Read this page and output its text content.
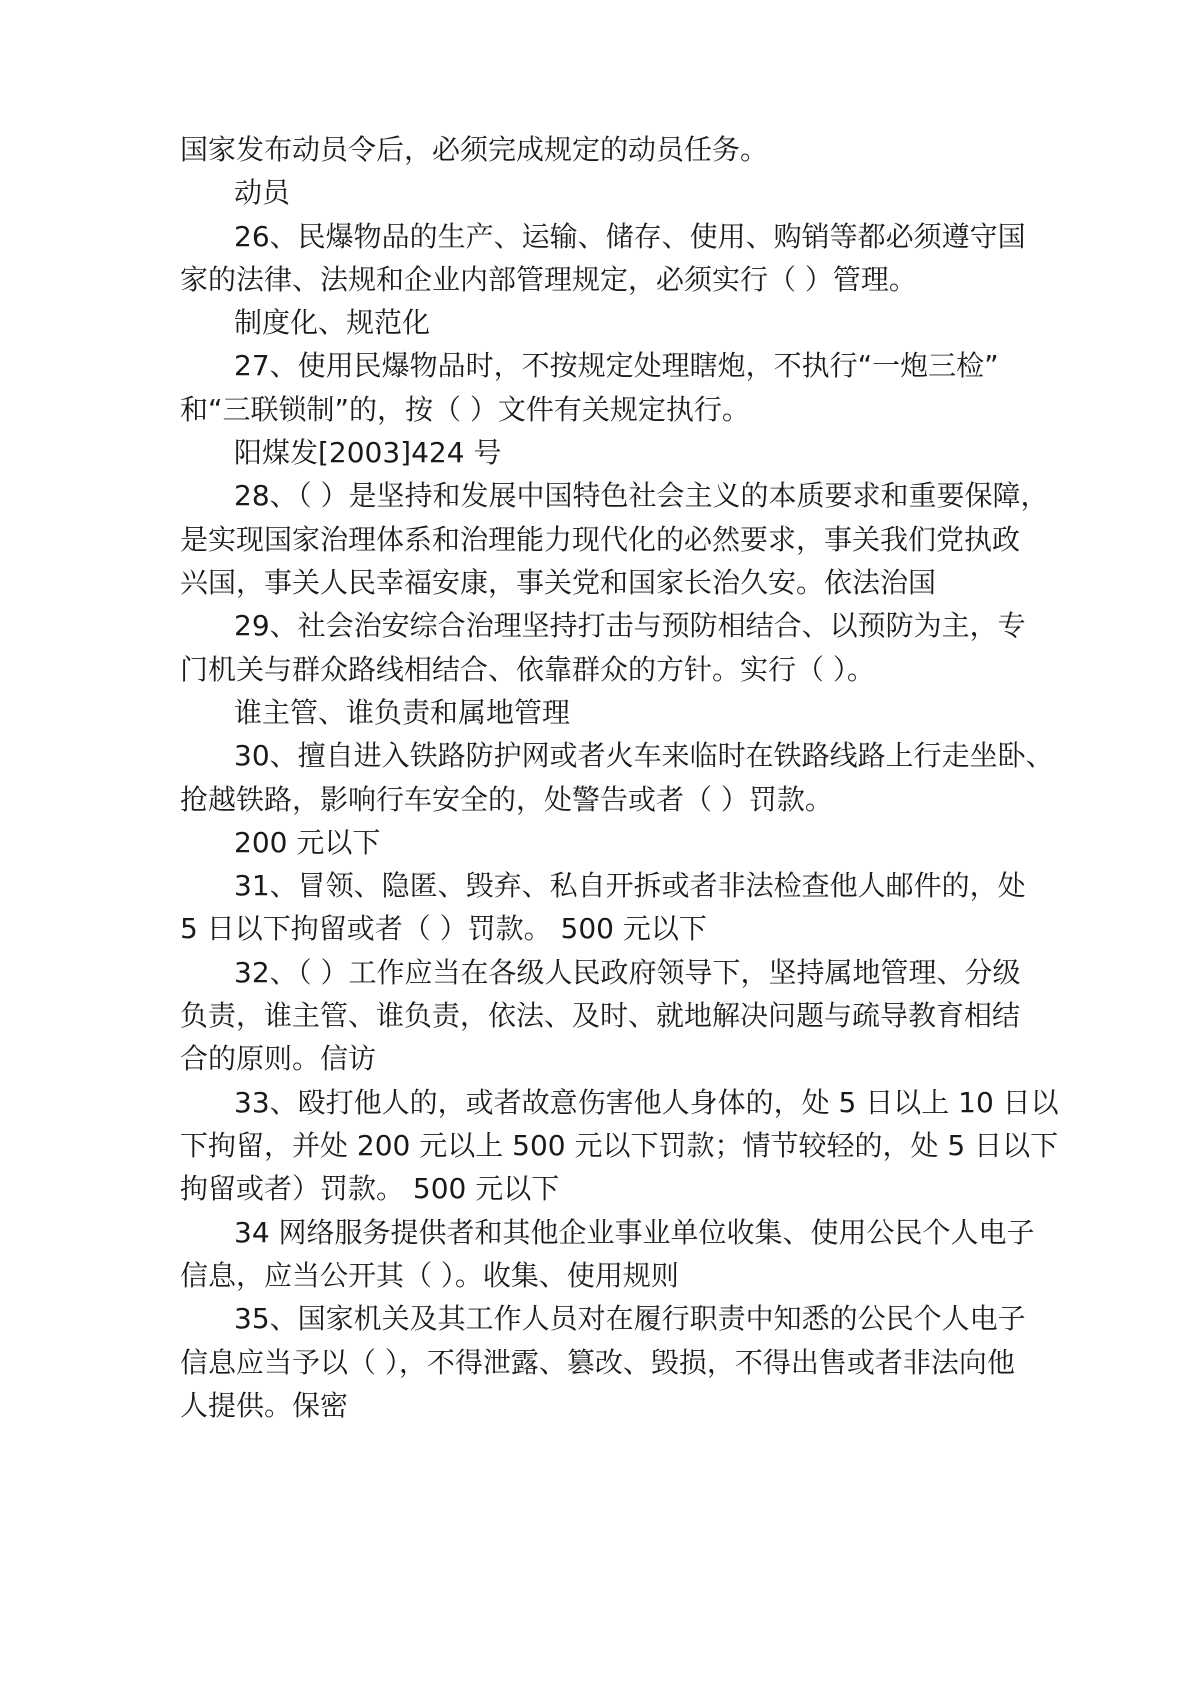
国家发布动员令后，必须完成规定的动员任务。
动员
26、民爆物品的生产、运输、储存、使用、购销等都必须遵守国
家的法律、法规和企业内部管理规定，必须实行（ ）管理。
制度化、规范化
27、使用民爆物品时，不按规定处理瞎炮，不执行“一炮三检”
和“三联锁制”的，按（ ）文件有关规定执行。
阳煤发[2003]424 号
28、（ ）是坚持和发展中国特色社会主义的本质要求和重要保障，
是实现国家治理体系和治理能力现代化的必然要求，事关我们党执政
兴国，事关人民幸福安康，事关党和国家长治久安。依法治国
29、社会治安综合治理坚持打击与预防相结合、以预防为主，专
门机关与群众路线相结合、依靠群众的方针。实行（ ）。
谁主管、谁负责和属地管理
30、擅自进入铁路防护网或者火车来临时在铁路线路上行走坐卧、
抢越铁路，影响行车安全的，处警告或者（ ）罚款。
200 元以下
31、冒领、隐匿、毁弃、私自开拆或者非法检查他人邮件的，处
5 日以下拘留或者（ ）罚款。 500 元以下
32、（ ）工作应当在各级人民政府领导下，坚持属地管理、分级
负责，谁主管、谁负责，依法、及时、就地解决问题与疏导教育相结
合的原则。信访
33、殴打他人的，或者故意伤害他人身体的，处 5 日以上 10 日以
下拘留，并处 200 元以上 500 元以下罚款；情节较轻的，处 5 日以下
拘留或者）罚款。 500 元以下
34 网络服务提供者和其他企业事业单位收集、使用公民个人电子
信息，应当公开其（ ）。收集、使用规则
35、国家机关及其工作人员对在履行职责中知悉的公民个人电子
信息应当予以（ ），不得泄露、篡改、毁损，不得出售或者非法向他
人提供。保密
